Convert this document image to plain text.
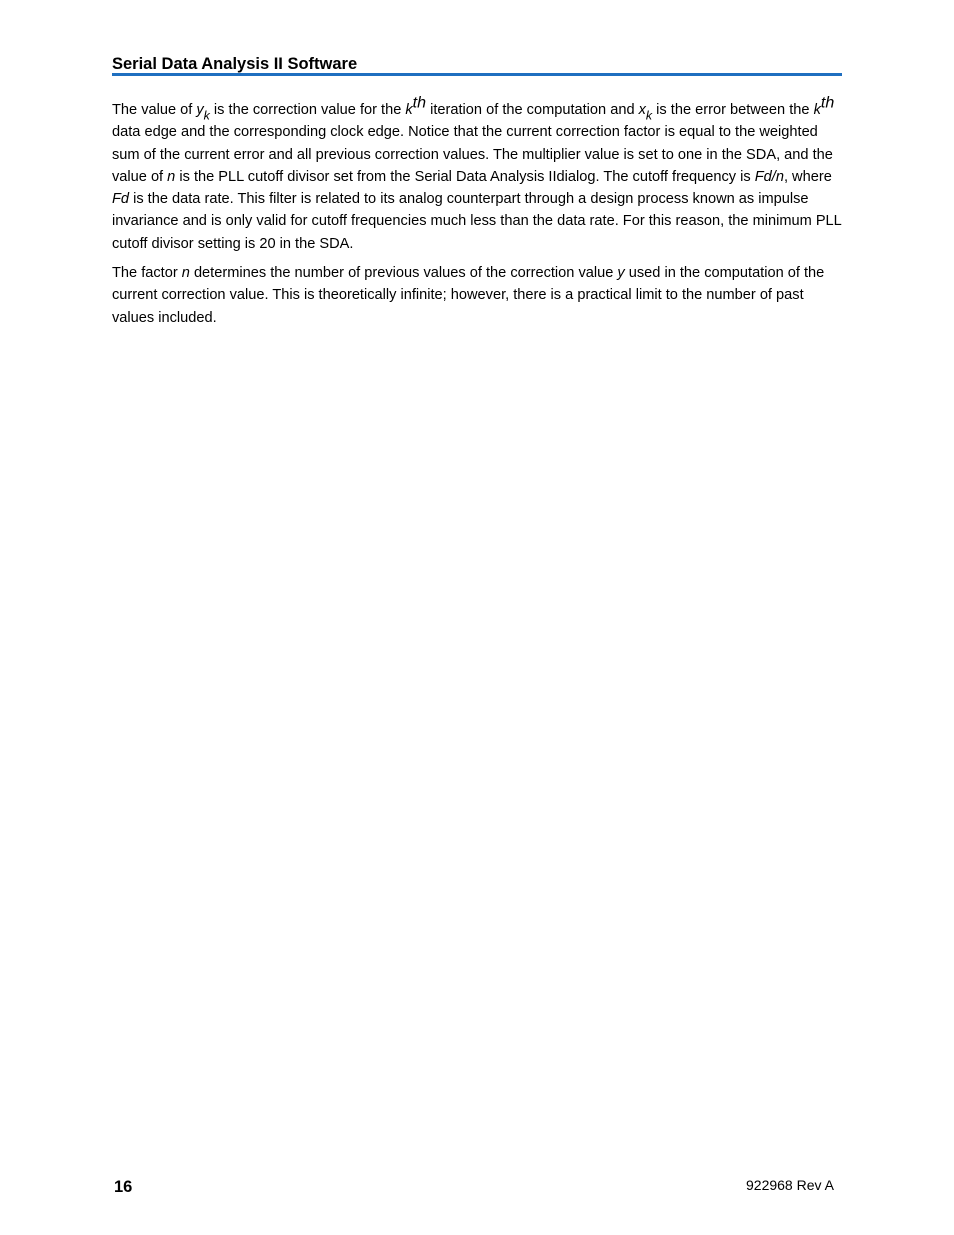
Serial Data Analysis II Software

The value of $y_k$ is the correction value for the kth iteration of the computation and $x_k$ is the error between the kth data edge and the corresponding clock edge. Notice that the current correction factor is equal to the weighted sum of the current error and all previous correction values. The multiplier value is set to one in the SDA, and the value of n is the PLL cutoff divisor set from the Serial Data Analysis IIdialog. The cutoff frequency is Fd/n, where Fd is the data rate. This filter is related to its analog counterpart through a design process known as impulse invariance and is only valid for cutoff frequencies much less than the data rate. For this reason, the minimum PLL cutoff divisor setting is 20 in the SDA.

The factor n determines the number of previous values of the correction value y used in the computation of the current correction value. This is theoretically infinite; however, there is a practical limit to the number of past values included.

16	922968 Rev A
